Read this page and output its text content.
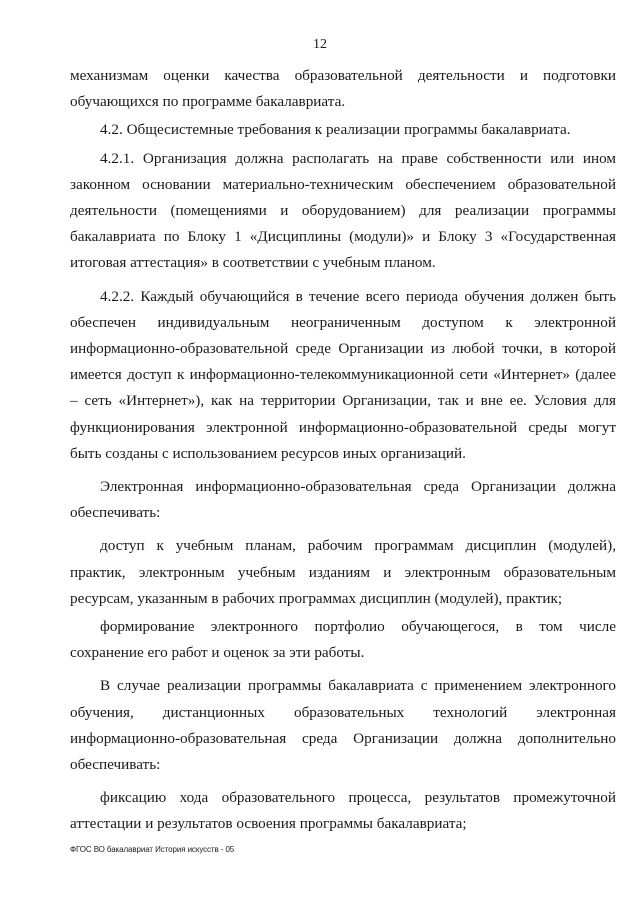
12

механизмам оценки качества образовательной деятельности и подготовки обучающихся по программе бакалавриата.

4.2. Общесистемные требования к реализации программы бакалавриата.

4.2.1. Организация должна располагать на праве собственности или ином законном основании материально-техническим обеспечением образовательной деятельности (помещениями и оборудованием) для реализации программы бакалавриата по Блоку 1 «Дисциплины (модули)» и Блоку 3 «Государственная итоговая аттестация» в соответствии с учебным планом.

4.2.2. Каждый обучающийся в течение всего периода обучения должен быть обеспечен индивидуальным неограниченным доступом к электронной информационно-образовательной среде Организации из любой точки, в которой имеется доступ к информационно-телекоммуникационной сети «Интернет» (далее – сеть «Интернет»), как на территории Организации, так и вне ее. Условия для функционирования электронной информационно-образовательной среды могут быть созданы с использованием ресурсов иных организаций.

Электронная информационно-образовательная среда Организации должна обеспечивать:

доступ к учебным планам, рабочим программам дисциплин (модулей), практик, электронным учебным изданиям и электронным образовательным ресурсам, указанным в рабочих программах дисциплин (модулей), практик;

формирование электронного портфолио обучающегося, в том числе сохранение его работ и оценок за эти работы.

В случае реализации программы бакалавриата с применением электронного обучения, дистанционных образовательных технологий электронная информационно-образовательная среда Организации должна дополнительно обеспечивать:

фиксацию хода образовательного процесса, результатов промежуточной аттестации и результатов освоения программы бакалавриата;

ФГОС ВО бакалавриат История искусств - 05
